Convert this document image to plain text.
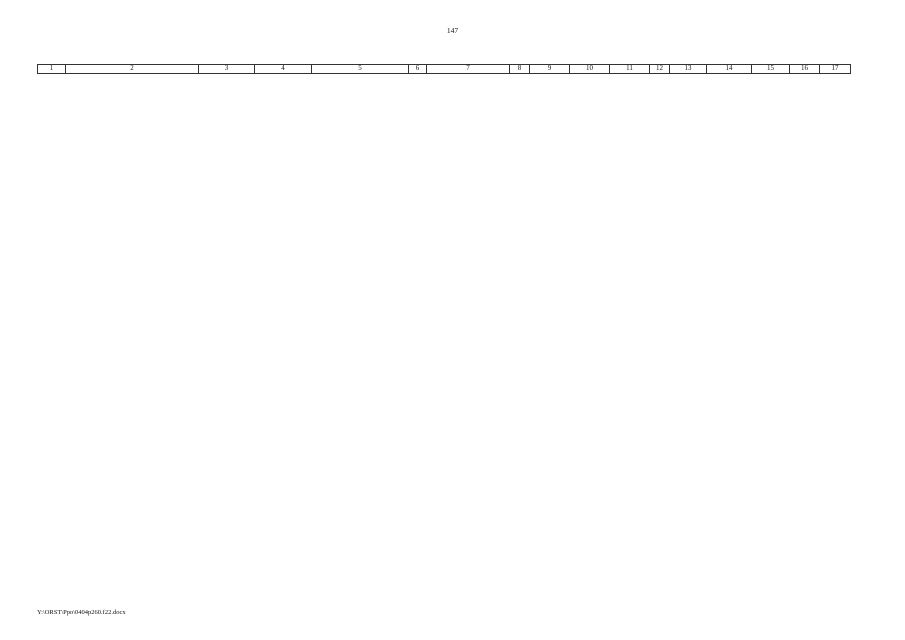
147
1	2	3	4	5	6	7	8	9	10	11	12	13	14	15	16	17
Y:\ORST\Ppo\0404p260.f22.docx
